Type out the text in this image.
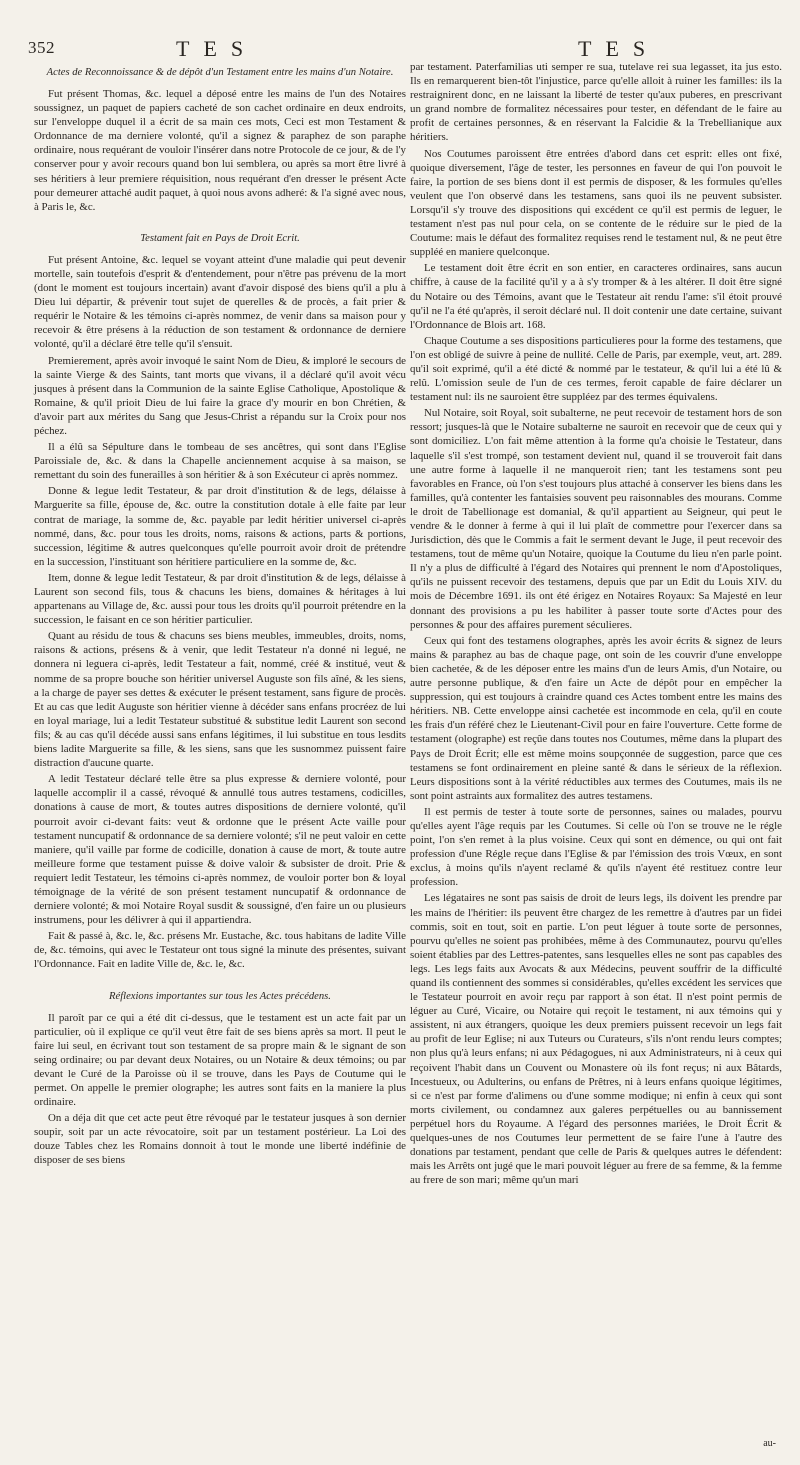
352	TES	TES
Actes de Reconnoissance & de dépôt d'un Testament entre les mains d'un Notaire.

Fut présent Thomas, &c. lequel a déposé entre les mains de l'un des Notaires soussignez, un paquet de papiers cacheté de son cachet ordinaire en deux endroits, sur l'enveloppe duquel il a écrit de sa main ces mots, Ceci est mon Testament & Ordonnance de ma derniere volonté, qu'il a signez & paraphez de son paraphe ordinaire, nous requérant de vouloir l'insérer dans notre Protocole de ce jour, & de l'y conserver pour y avoir recours quand bon lui semblera, ou après sa mort être livré à ses héritiers à leur premiere réquisition, nous requérant d'en dresser le présent Acte pour demeurer attaché audit paquet, à quoi nous avons adheré: & l'a signé avec nous, à Paris le, &c.

Testament fait en Pays de Droit Ecrit.

Fut présent Antoine, &c. lequel se voyant atteint d'une maladie qui peut devenir mortelle, sain toutefois d'esprit & d'entendement, pour n'être pas prévenu de la mort (dont le moment est toujours incertain) avant d'avoir disposé des biens qu'il a plu à Dieu lui départir, & prévenir tout sujet de querelles & de procès, a fait prier & requérir le Notaire & les témoins ci-après nommez, de venir dans sa maison pour y recevoir & être présens à la réduction de son testament & ordonnance de derniere volonté, qu'il a déclaré être telle qu'il s'ensuit.

Premierement, après avoir invoqué le saint Nom de Dieu, & imploré le secours de la sainte Vierge & des Saints, tant morts que vivans, il a déclaré qu'il avoit vécu jusques à présent dans la Communion de la sainte Eglise Catholique, Apostolique & Romaine, & qu'il prioit Dieu de lui faire la grace d'y mourir en bon Chrétien, & d'avoir part aux mérites du Sang que Jesus-Christ a répandu sur la Croix pour nos péchez.

Il a élû sa Sépulture dans le tombeau de ses ancêtres, qui sont dans l'Eglise Paroissiale de, &c. & dans la Chapelle anciennement acquise à sa maison, se remettant du soin des funerailles à son héritier & à son Exécuteur ci après nommez.

Donne & legue ledit Testateur, & par droit d'institution & de legs, délaisse à Marguerite sa fille, épouse de, &c. outre la constitution dotale à elle faite par leur contrat de mariage, la somme de, &c. payable par ledit héritier universel ci-après nommé, dans, &c. pour tous les droits, noms, raisons & actions, parts & portions, succession, légitime & autres quelconques qu'elle pourroit avoir droit de prétendre en la succession, l'instituant son héritiere particuliere en la somme de, &c.

Item, donne & legue ledit Testateur, & par droit d'institution & de legs, délaisse à Laurent son second fils, tous & chacuns les biens, domaines & héritages à lui appartenans au Village de, &c. aussi pour tous les droits qu'il pourroit prétendre en la succession, le faisant en ce son héritier particulier.

Quant au résidu de tous & chacuns ses biens meubles, immeubles, droits, noms, raisons & actions, présens & à venir, que ledit Testateur n'a donné ni legué, ne donnera ni leguera ci-après, ledit Testateur a fait, nommé, créé & institué, veut & nomme de sa propre bouche son héritier universel Auguste son fils aîné, & les siens, a la charge de payer ses dettes & exécuter le présent testament, sans figure de procès. Et au cas que ledit Auguste son héritier vienne à décéder sans enfans procréez de lui en loyal mariage, lui a ledit Testateur substitué & substitue ledit Laurent son second fils; & au cas qu'il décéde aussi sans enfans légitimes, il lui substitue en tous lesdits biens ladite Marguerite sa fille, & les siens, sans que les susnommez puissent faire distraction d'aucune quarte.

A ledit Testateur déclaré telle être sa plus expresse & derniere volonté, pour laquelle accomplir il a cassé, révoqué & annullé tous autres testamens, codicilles, donations à cause de mort, & toutes autres dispositions de derniere volonté, qu'il pourroit avoir ci-devant faits: veut & ordonne que le présent Acte vaille pour testament nuncupatif & ordonnance de sa derniere volonté; s'il ne peut valoir en cette maniere, qu'il vaille par forme de codicille, donation à cause de mort, & toute autre meilleure forme que testament puisse & doive valoir & subsister de droit. Prie & requiert ledit Testateur, les témoins ci-après nommez, de vouloir porter bon & loyal témoignage de la vérité de son présent testament nuncupatif & ordonnance de derniere volonté; & moi Notaire Royal susdit & soussigné, d'en faire un ou plusieurs instrumens, pour les délivrer à qui il appartiendra.

Fait & passé à, &c. le, &c. présens Mr. Eustache, &c. tous habitans de ladite Ville de, &c. témoins, qui avec le Testateur ont tous signé la minute des présentes, suivant l'Ordonnance. Fait en ladite Ville de, &c. le, &c.

Réflexions importantes sur tous les Actes précédens.

Il paroît par ce qui a été dit ci-dessus, que le testament est un acte fait par un particulier, où il explique ce qu'il veut être fait de ses biens après sa mort. Il peut le faire lui seul, en écrivant tout son testament de sa propre main & le signant de son seing ordinaire; ou par devant deux Notaires, ou un Notaire & deux témoins; ou par devant le Curé de la Paroisse où il se trouve, dans les Pays de Coutume qui le permet. On appelle le premier olographe; les autres sont faits en la maniere la plus ordinaire.

On a déja dit que cet acte peut être révoqué par le testateur jusques à son dernier soupir, soit par un acte révocatoire, soit par un testament postérieur. La Loi des douze Tables chez les Romains donnoit à tout le monde une liberté indéfinie de disposer de ses biens

par testament. Paterfamilias uti semper re sua, tutelave rei sua legasset, ita jus esto. Ils en remarquerent bien-tôt l'injustice, parce qu'elle alloit à ruiner les familles: ils la restraignirent donc, en ne laissant la liberté de tester qu'aux puberes, en prescrivant un grand nombre de formalitez nécessaires pour tester, en défendant de le faire au profit de certaines personnes, & en réservant la Falcidie & la Trebellianique aux héritiers.

Nos Coutumes paroissent être entrées d'abord dans cet esprit: elles ont fixé, quoique diversement, l'âge de tester, les personnes en faveur de qui l'on pouvoit le faire, la portion de ses biens dont il est permis de disposer, & les formules qu'elles veulent que l'on observé dans les testamens, sans quoi ils ne peuvent subsister. Lorsqu'il s'y trouve des dispositions qui excédent ce qu'il est permis de leguer, le testament n'est pas nul pour cela, on se contente de le réduire sur le pied de la Coutume: mais le défaut des formalitez requises rend le testament nul, & ne peut être suppléé en maniere quelconque.

Le testament doit être écrit en son entier, en caracteres ordinaires, sans aucun chiffre, à cause de la facilité qu'il y a à s'y tromper & à les altérer. Il doit être signé du Notaire ou des Témoins, avant que le Testateur ait rendu l'ame: s'il étoit prouvé qu'il ne l'a été qu'après, il seroit déclaré nul. Il doit contenir une date certaine, suivant l'Ordonnance de Blois art. 168.

Chaque Coutume a ses dispositions particulieres pour la forme des testamens, que l'on est obligé de suivre à peine de nullité. Celle de Paris, par exemple, veut, art. 289. qu'il soit exprimé, qu'il a été dicté & nommé par le testateur, & qu'il lui a été lû & relû. L'omission seule de l'un de ces termes, feroit capable de faire déclarer un testament nul: ils ne sauroient être suppléez par des termes équivalens.

Nul Notaire, soit Royal, soit subalterne, ne peut recevoir de testament hors de son ressort; jusques-là que le Notaire subalterne ne sauroit en recevoir que de ceux qui y sont domiciliez. L'on fait même attention à la forme qu'a choisie le Testateur, dans laquelle s'il s'est trompé, son testament devient nul, quand il se trouveroit fait dans une autre forme à laquelle il ne manqueroit rien; tant les testamens sont peu favorables en France, où l'on s'est toujours plus attaché à conserver les biens dans les familles, qu'à contenter les fantaisies souvent peu raisonnables des mourans. Comme le droit de Tabellionage est domanial, & qu'il appartient au Seigneur, qui peut le vendre & le donner à ferme à qui il lui plaît de commettre pour l'exercer dans sa Jurisdiction, dès que le Commis a fait le serment devant le Juge, il peut recevoir des testamens, tout de même qu'un Notaire, quoique la Coutume du lieu n'en parle point. Il n'y a plus de difficulté à l'égard des Notaires qui prennent le nom d'Apostoliques, qu'ils ne puissent recevoir des testamens, depuis que par un Edit du Louis XIV. du mois de Décembre 1691. ils ont été érigez en Notaires Royaux: Sa Majesté en leur donnant des provisions a pu les habiliter à passer toute sorte d'Actes pour des personnes & pour des affaires purement séculieres.

Ceux qui font des testamens olographes, après les avoir écrits & signez de leurs mains & paraphez au bas de chaque page, ont soin de les couvrir d'une enveloppe bien cachetée, & de les déposer entre les mains d'un de leurs Amis, d'un Notaire, ou autre personne publique, & d'en faire un Acte de dépôt pour en empêcher la suppression, qui est toujours à craindre quand ces Actes tombent entre les mains des héritiers. NB. Cette enveloppe ainsi cachetée est incommode en cela, qu'il en coute les frais d'un référé chez le Lieutenant-Civil pour en faire l'ouverture. Cette forme de testament (olographe) est reçûe dans toutes nos Coutumes, même dans la plupart des Pays de Droit Écrit; elle est même moins soupçonnée de suggestion, parce que ces testamens se font ordinairement en pleine santé & dans le sérieux de la réflexion. Leurs dispositions sont à la vérité réductibles aux termes des Coutumes, mais ils ne sont point astraints aux formalitez des autres testamens.

Il est permis de tester à toute sorte de personnes, saines ou malades, pourvu qu'elles ayent l'âge requis par les Coutumes. Si celle où l'on se trouve ne le régle point, l'on s'en remet à la plus voisine. Ceux qui sont en démence, ou qui ont fait profession d'une Régle reçue dans l'Eglise & par l'émission des trois Vœux, en sont exclus, à moins qu'ils n'ayent reclamé & qu'ils n'ayent été restituez contre leur profession.

Les légataires ne sont pas saisis de droit de leurs legs, ils doivent les prendre par les mains de l'héritier: ils peuvent être chargez de les remettre à d'autres par un fidei commis, soit en tout, soit en partie. L'on peut léguer à toute sorte de personnes, pourvu qu'elles ne soient pas prohibées, même à des Communautez, pourvu qu'elles soient établies par des Lettres-patentes, sans lesquelles elles ne sont pas capables des legs. Les legs faits aux Avocats & aux Médecins, peuvent souffrir de la difficulté quand ils contiennent des sommes si considérables, qu'elles excédent les services que le Testateur pourroit en avoir reçu par rapport à son état. Il n'est point permis de léguer au Curé, Vicaire, ou Notaire qui reçoit le testament, ni aux témoins qui y assistent, ni aux étrangers, quoique les deux premiers puissent recevoir un legs fait au profit de leur Eglise; ni aux Tuteurs ou Curateurs, s'ils n'ont rendu leurs comptes; non plus qu'à leurs enfans; ni aux Pédagogues, ni aux Administrateurs, ni à ceux qui reçoivent l'habit dans un Couvent ou Monastere où ils font reçus; ni aux Bâtards, Incestueux, ou Adulterins, ou enfans de Prêtres, ni à leurs enfans quoique légitimes, si ce n'est par forme d'alimens ou d'une somme modique; ni enfin à ceux qui sont morts civilement, ou condamnez aux galeres perpétuelles ou au bannissement perpétuel hors du Royaume. A l'égard des personnes mariées, le Droit Écrit & quelques-unes de nos Coutumes leur permettent de se faire l'une à l'autre des donations par testament, pendant que celle de Paris & quelques autres le défendent: mais les Arrêts ont jugé que le mari pouvoit léguer au frere de sa femme, & la femme au frere de son mari; même qu'un mari

au-
